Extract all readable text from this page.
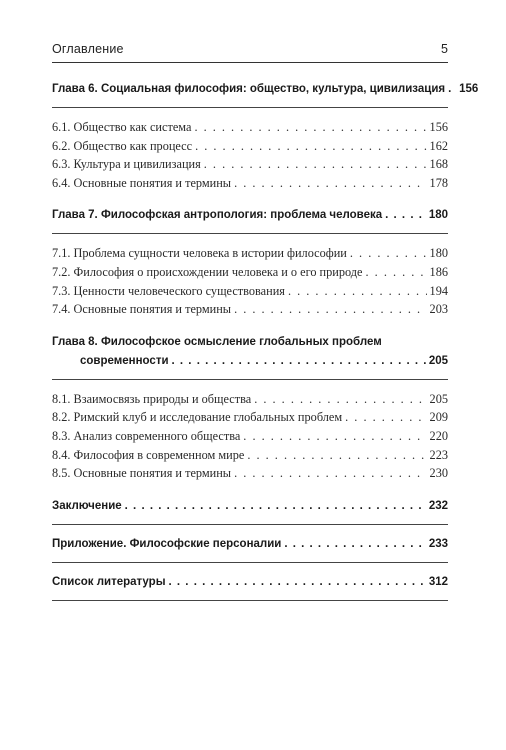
Оглавление	5
Глава 6. Социальная философия: общество, культура, цивилизация . . . 156
6.1. Общество как система . . .	156
6.2. Общество как процесс . . .	162
6.3. Культура и цивилизация . . .	168
6.4. Основные понятия и термины . . .	178
Глава 7. Философская антропология: проблема человека . . .	180
7.1. Проблема сущности человека в истории философии . . .	180
7.2. Философия о происхождении человека и о его природе . . .	186
7.3. Ценности человеческого существования . . .	194
7.4. Основные понятия и термины . . .	203
Глава 8. Философское осмысление глобальных проблем
современности . . .	205
8.1. Взаимосвязь природы и общества . . .	205
8.2. Римский клуб и исследование глобальных проблем . . .	209
8.3. Анализ современного общества . . .	220
8.4. Философия в современном мире . . .	223
8.5. Основные понятия и термины . . .	230
Заключение . . .	232
Приложение. Философские персоналии . . .	233
Список литературы . . .	312
